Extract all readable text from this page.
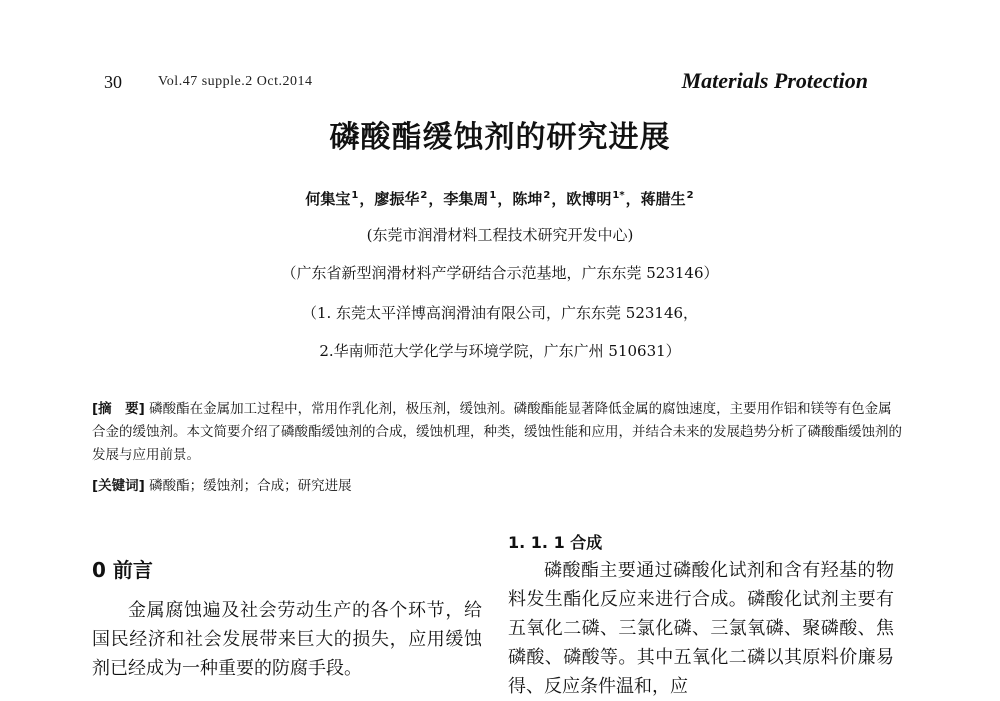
30	Vol.47 supple.2 Oct.2014	Materials Protection
磷酸酯缓蚀剂的研究进展
何集宝$^1$，廖振华$^2$，李集周$^1$，陈坤$^2$，欧博明$^{1*}$，蒋腊生$^2$
(东莞市润滑材料工程技术研究开发中心)
（广东省新型润滑材料产学研结合示范基地，广东东莞 523146）
（1. 东莞太平洋博高润滑油有限公司，广东东莞 523146，
2.华南师范大学化学与环境学院，广东广州 510631）
[摘　要] 磷酸酯在金属加工过程中，常用作乳化剂，极压剂，缓蚀剂。磷酸酯能显著降低金属的腐蚀速度，主要用作铝和镁等有色金属合金的缓蚀剂。本文简要介绍了磷酸酯缓蚀剂的合成，缓蚀机理，种类，缓蚀性能和应用，并结合未来的发展趋势分析了磷酸酯缓蚀剂的发展与应用前景。
[关键词] 磷酸酯；缓蚀剂；合成；研究进展
0 前言
金属腐蚀遍及社会劳动生产的各个环节，给国民经济和社会发展带来巨大的损失，应用缓蚀剂已经成为一种重要的防腐手段。
1. 1. 1 合成
磷酸酯主要通过磷酸化试剂和含有羟基的物料发生酯化反应来进行合成。磷酸化试剂主要有五氧化二磷、三氯化磷、三氯氧磷、聚磷酸、焦磷酸、磷酸等。其中五氧化二磷以其原料价廉易得、反应条件温和，应
